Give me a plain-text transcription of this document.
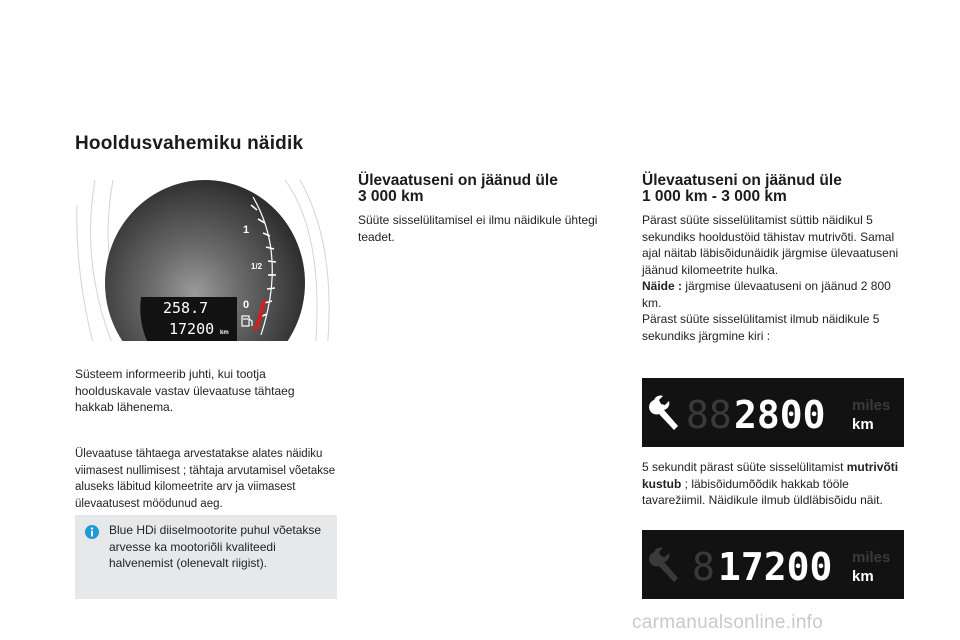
Hooldusvahemiku näidik
1
1/2
0
258.7
17200 km
Süsteem informeerib juhti, kui tootja hoolduskavale vastav ülevaatuse tähtaeg hakkab lähenema.
Ülevaatuse tähtaega arvestatakse alates näidiku viimasest nullimisest ; tähtaja arvutamisel võetakse aluseks läbitud kilomeetrite arv ja viimasest ülevaatusest möödunud aeg.
Blue HDi diiselmootorite puhul võetakse arvesse ka mootoriõli kvaliteedi halvenemist (olenevalt riigist).
Ülevaatuseni on jäänud üle
3 000 km
Süüte sisselülitamisel ei ilmu näidikule ühtegi teadet.
Ülevaatuseni on jäänud üle
1 000 km - 3 000 km
Pärast süüte sisselülitamist süttib näidikul 5 sekundiks hooldustöid tähistav mutrivõti. Samal ajal näitab läbisõidunäidik järgmise ülevaatuseni jäänud kilomeetrite hulka.
Näide : järgmise ülevaatuseni on jäänud 2 800 km.
Pärast süüte sisselülitamist ilmub näidikule 5 sekundiks järgmine kiri :
88 2800 miles
km
5 sekundit pärast süüte sisselülitamist mutrivõti kustub ; läbisõidumõõdik hakkab tööle tavarežiimil. Näidikule ilmub üldläbisõidu näit.
8 17200 miles
km
carmanualsonline.info
